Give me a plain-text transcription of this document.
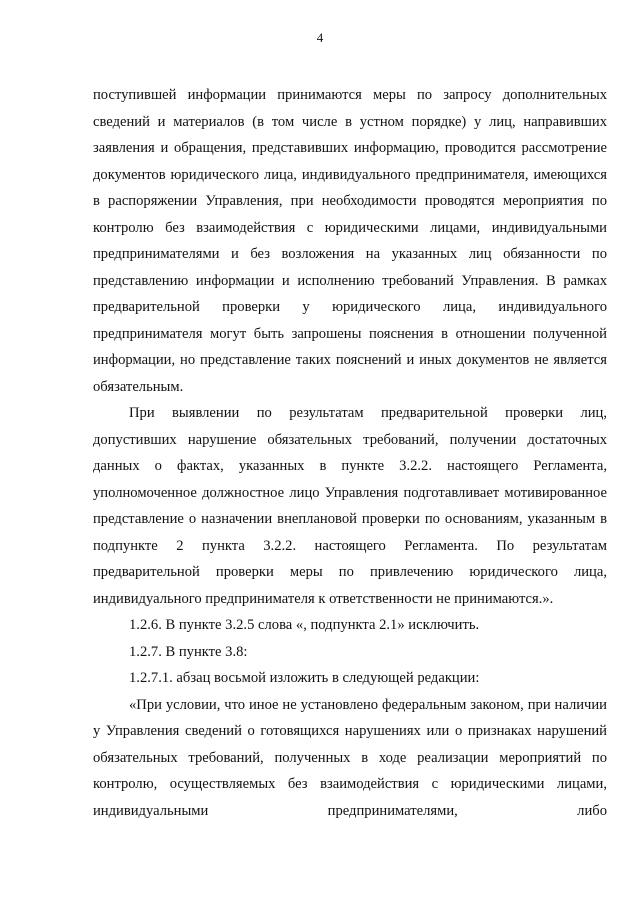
4

поступившей информации принимаются меры по запросу дополнительных сведений и материалов (в том числе в устном порядке) у лиц, направивших заявления и обращения, представивших информацию, проводится рассмотрение документов юридического лица, индивидуального предпринимателя, имеющихся в распоряжении Управления, при необходимости проводятся мероприятия по контролю без взаимодействия с юридическими лицами, индивидуальными предпринимателями и без возложения на указанных лиц обязанности по представлению информации и исполнению требований Управления. В рамках предварительной проверки у юридического лица, индивидуального предпринимателя могут быть запрошены пояснения в отношении полученной информации, но представление таких пояснений и иных документов не является обязательным.

При выявлении по результатам предварительной проверки лиц, допустивших нарушение обязательных требований, получении достаточных данных о фактах, указанных в пункте 3.2.2. настоящего Регламента, уполномоченное должностное лицо Управления подготавливает мотивированное представление о назначении внеплановой проверки по основаниям, указанным в подпункте 2 пункта 3.2.2. настоящего Регламента. По результатам предварительной проверки меры по привлечению юридического лица, индивидуального предпринимателя к ответственности не принимаются.».

1.2.6. В пункте 3.2.5 слова «, подпункта 2.1» исключить.

1.2.7. В пункте 3.8:

1.2.7.1. абзац восьмой изложить в следующей редакции:

«При условии, что иное не установлено федеральным законом, при наличии у Управления сведений о готовящихся нарушениях или о признаках нарушений обязательных требований, полученных в ходе реализации мероприятий по контролю, осуществляемых без взаимодействия с юридическими лицами, индивидуальными предпринимателями, либо
